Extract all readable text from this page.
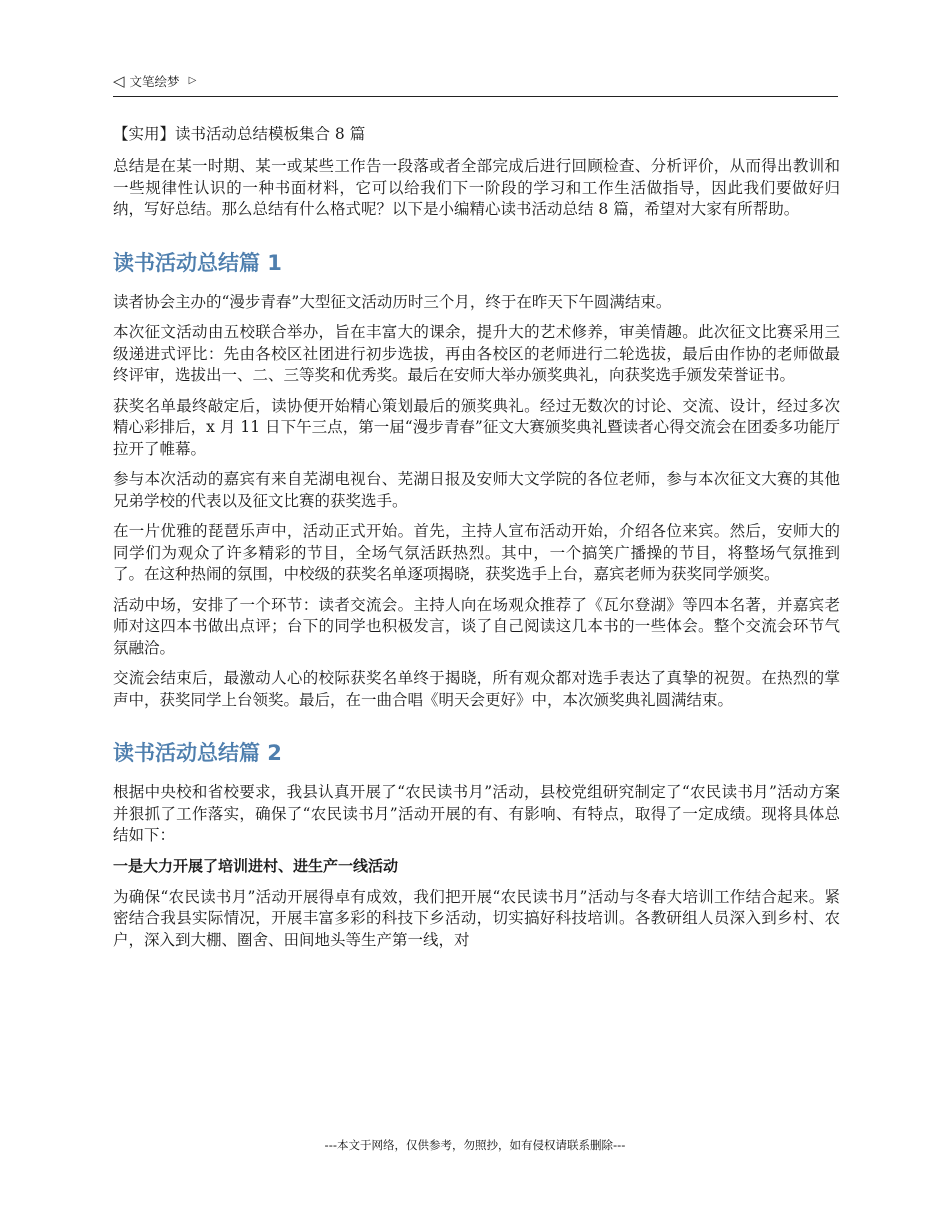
◁ 文笔绘梦 ▷
【实用】读书活动总结模板集合 8 篇

总结是在某一时期、某一或某些工作告一段落或者全部完成后进行回顾检查、分析评价，从而得出教训和一些规律性认识的一种书面材料，它可以给我们下一阶段的学习和工作生活做指导，因此我们要做好归纳，写好总结。那么总结有什么格式呢？以下是小编精心读书活动总结 8 篇，希望对大家有所帮助。

读书活动总结篇 1

读者协会主办的“漫步青春”大型征文活动历时三个月，终于在昨天下午圆满结束。

本次征文活动由五校联合举办，旨在丰富大的课余，提升大的艺术修养，审美情趣。此次征文比赛采用三级递进式评比：先由各校区社团进行初步选拔，再由各校区的老师进行二轮选拔，最后由作协的老师做最终评审，选拔出一、二、三等奖和优秀奖。最后在安师大举办颁奖典礼，向获奖选手颁发荣誉证书。

获奖名单最终敲定后，读协便开始精心策划最后的颁奖典礼。经过无数次的讨论、交流、设计，经过多次精心彩排后，x 月 11 日下午三点，第一届“漫步青春”征文大赛颁奖典礼暨读者心得交流会在团委多功能厅拉开了帷幕。

参与本次活动的嘉宾有来自芜湖电视台、芜湖日报及安师大文学院的各位老师，参与本次征文大赛的其他兄弟学校的代表以及征文比赛的获奖选手。

在一片优雅的琵琶乐声中，活动正式开始。首先，主持人宣布活动开始，介绍各位来宾。然后，安师大的同学们为观众了许多精彩的节目，全场气氛活跃热烈。其中，一个搞笑广播操的节目，将整场气氛推到了。在这种热闹的氛围，中校级的获奖名单逐项揭晓，获奖选手上台，嘉宾老师为获奖同学颁奖。

活动中场，安排了一个环节：读者交流会。主持人向在场观众推荐了《瓦尔登湖》等四本名著，并嘉宾老师对这四本书做出点评；台下的同学也积极发言，谈了自己阅读这几本书的一些体会。整个交流会环节气氛融洽。

交流会结束后，最激动人心的校际获奖名单终于揭晓，所有观众都对选手表达了真挚的祝贺。在热烈的掌声中，获奖同学上台领奖。最后，在一曲合唱《明天会更好》中，本次颁奖典礼圆满结束。

读书活动总结篇 2

根据中央校和省校要求，我县认真开展了“农民读书月”活动，县校党组研究制定了“农民读书月”活动方案并狠抓了工作落实，确保了“农民读书月”活动开展的有、有影响、有特点，取得了一定成绩。现将具体总结如下：

一是大力开展了培训进村、进生产一线活动

为确保“农民读书月”活动开展得卓有成效，我们把开展“农民读书月”活动与冬春大培训工作结合起来。紧密结合我县实际情况，开展丰富多彩的科技下乡活动，切实搞好科技培训。各教研组人员深入到乡村、农户，深入到大棚、圈舍、田间地头等生产第一线，对

---本文于网络，仅供参考，勿照抄，如有侵权请联系删除---
